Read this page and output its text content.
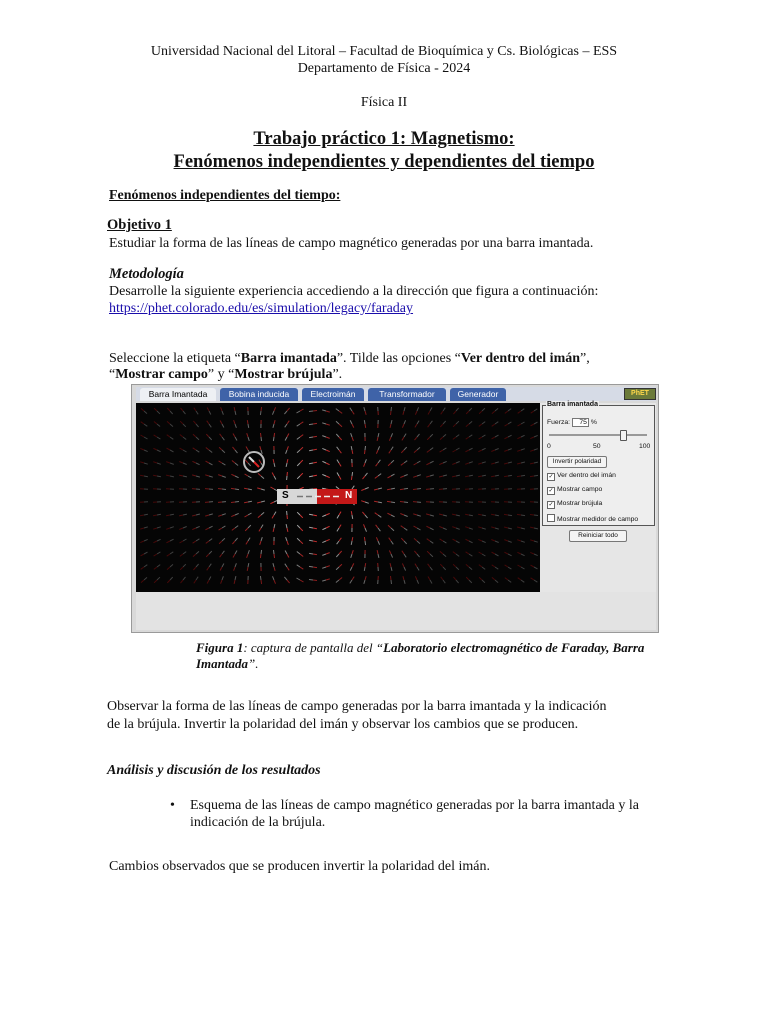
Universidad Nacional del Litoral – Facultad de Bioquímica y Cs. Biológicas – ESS
Departamento de Física - 2024
Física II
Trabajo práctico 1: Magnetismo:
Fenómenos independientes y dependientes del tiempo
Fenómenos independientes del tiempo:
Objetivo 1
Estudiar la forma de las líneas de campo magnético generadas por una barra imantada.
Metodología
Desarrolle la siguiente experiencia accediendo a la dirección que figura a continuación:
https://phet.colorado.edu/es/simulation/legacy/faraday
Seleccione la etiqueta “Barra imantada”. Tilde las opciones “Ver dentro del imán”,
“Mostrar campo” y “Mostrar brújula”.
Barra Imantada	Bobina inducida	Electroimán	Transformador	Generador	PhET
S	N
Barra imantada
Fuerza: 75 %
0	50	100
Invertir polaridad
✓ Ver dentro del imán
✓ Mostrar campo
✓ Mostrar brújula
Mostrar medidor de campo
Reiniciar todo
Figura 1: captura de pantalla del “Laboratorio electromagnético de Faraday, Barra Imantada”.
Observar la forma de las líneas de campo generadas por la barra imantada y la indicación
de la brújula. Invertir la polaridad del imán y observar los cambios que se producen.
Análisis y discusión de los resultados
• Esquema de las líneas de campo magnético generadas por la barra imantada y la
indicación de la brújula.
Cambios observados que se producen invertir la polaridad del imán.
